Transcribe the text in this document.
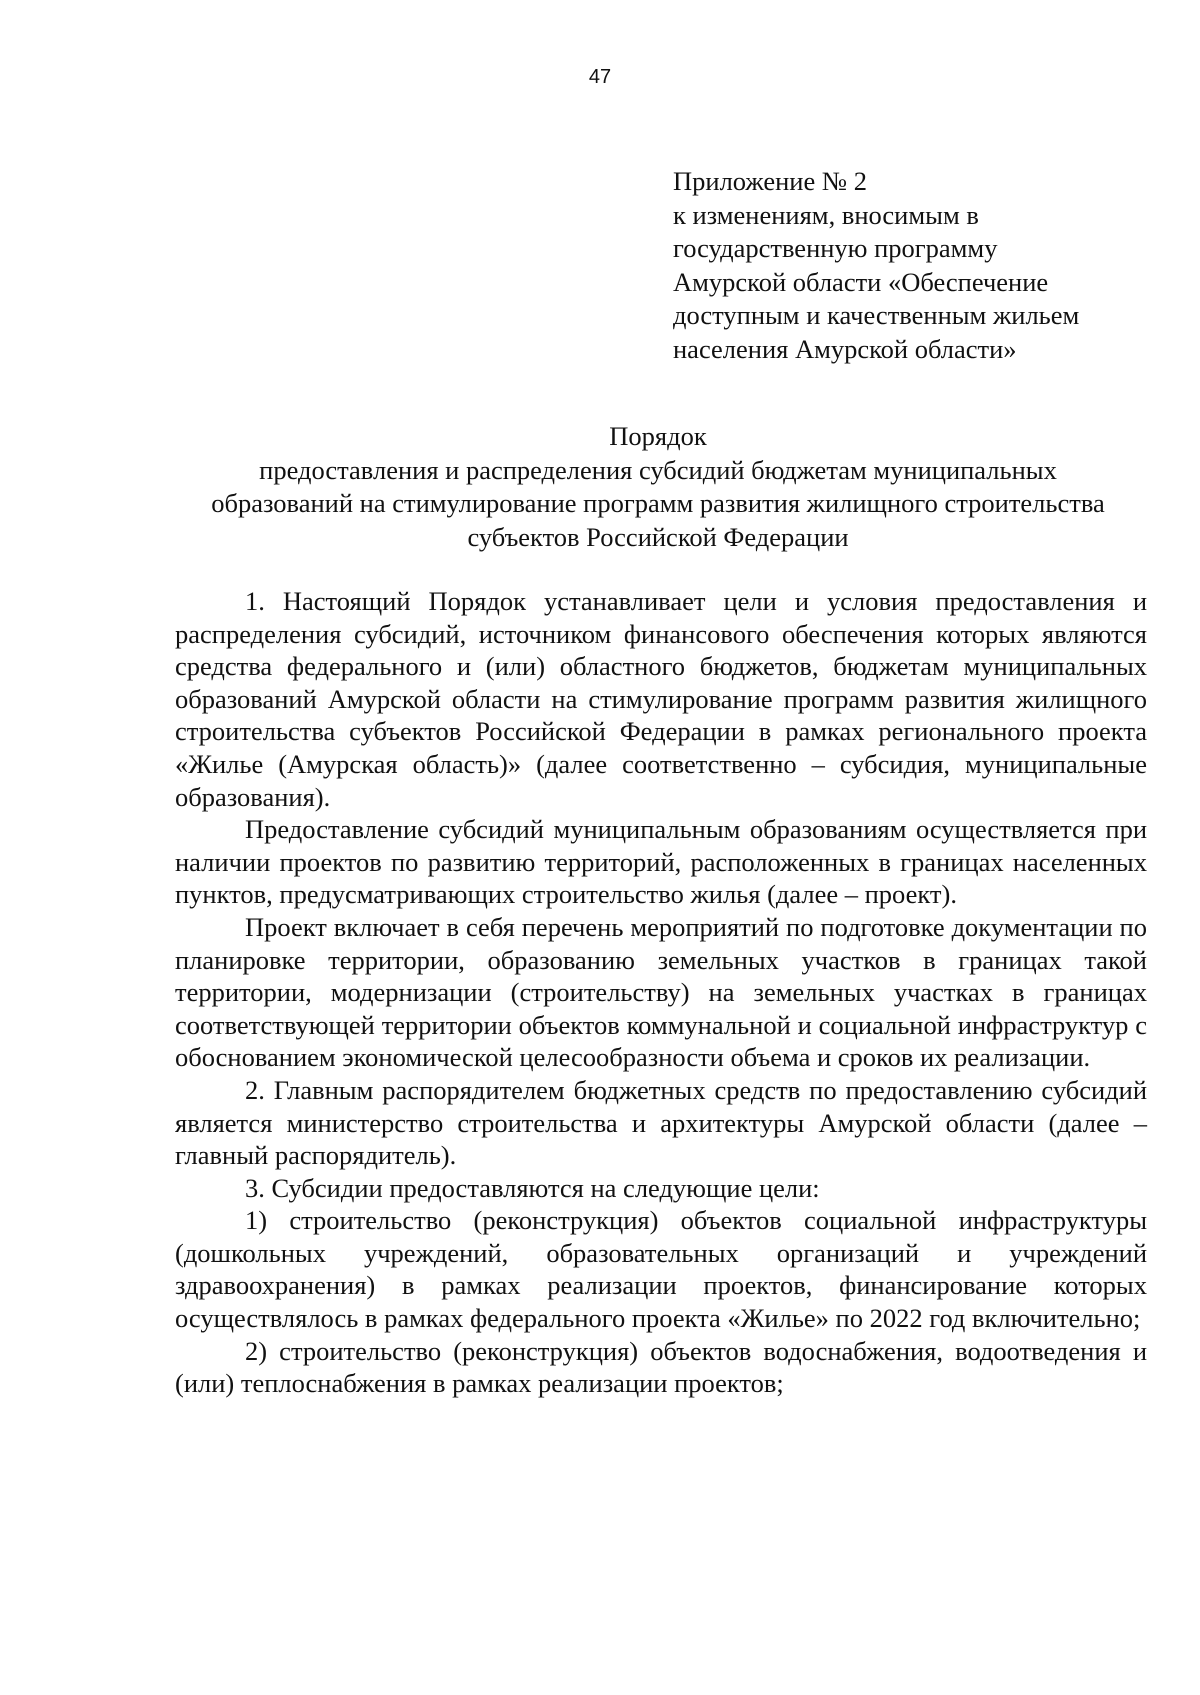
47
Приложение № 2
к изменениям, вносимым в
государственную программу
Амурской области «Обеспечение
доступным и качественным жильем
населения Амурской области»
Порядок
предоставления и распределения субсидий бюджетам муниципальных
образований на стимулирование программ развития жилищного строительства
субъектов Российской Федерации

1. Настоящий Порядок устанавливает цели и условия предоставления и распределения субсидий, источником финансового обеспечения которых являются средства федерального и (или) областного бюджетов, бюджетам муниципальных образований Амурской области на стимулирование программ развития жилищного строительства субъектов Российской Федерации в рамках регионального проекта «Жилье (Амурская область)» (далее соответственно – субсидия, муниципальные образования).

Предоставление субсидий муниципальным образованиям осуществляется при наличии проектов по развитию территорий, расположенных в границах населенных пунктов, предусматривающих строительство жилья (далее – проект).

Проект включает в себя перечень мероприятий по подготовке документации по планировке территории, образованию земельных участков в границах такой территории, модернизации (строительству) на земельных участках в границах соответствующей территории объектов коммунальной и социальной инфраструктур с обоснованием экономической целесообразности объема и сроков их реализации.

2. Главным распорядителем бюджетных средств по предоставлению субсидий является министерство строительства и архитектуры Амурской области (далее – главный распорядитель).

3. Субсидии предоставляются на следующие цели:

1) строительство (реконструкция) объектов социальной инфраструктуры (дошкольных учреждений, образовательных организаций и учреждений здравоохранения) в рамках реализации проектов, финансирование которых осуществлялось в рамках федерального проекта «Жилье» по 2022 год включительно;

2) строительство (реконструкция) объектов водоснабжения, водоотведения и (или) теплоснабжения в рамках реализации проектов;
